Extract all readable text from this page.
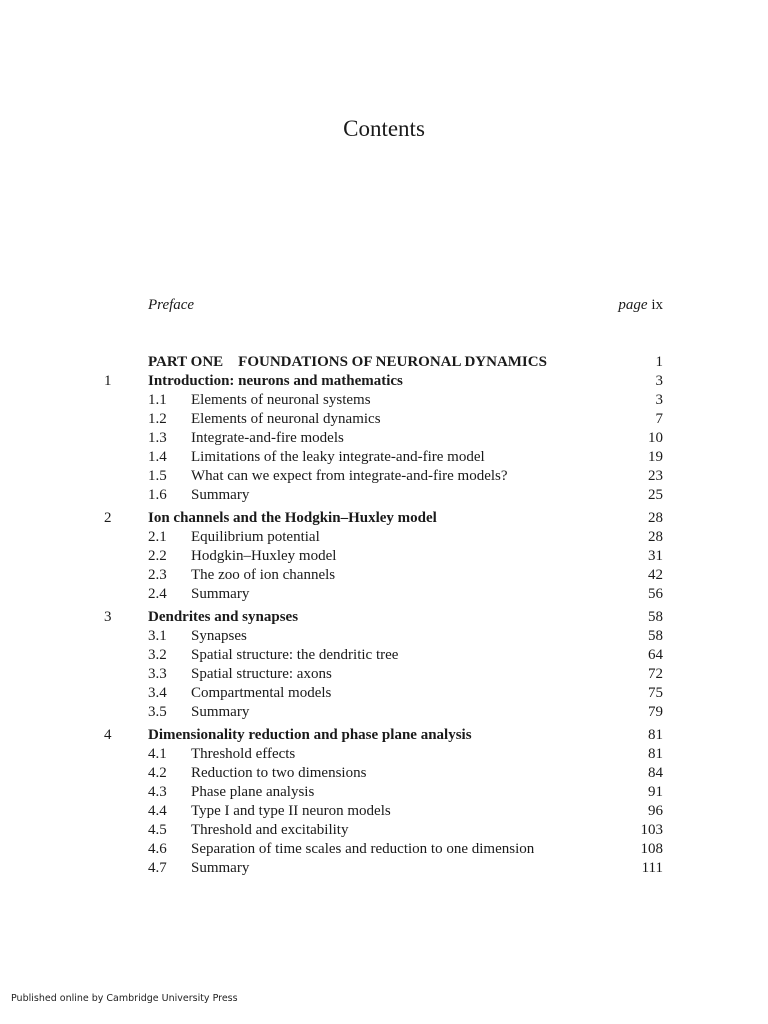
Contents
Preface	page ix
PART ONE    FOUNDATIONS OF NEURONAL DYNAMICS	1
1 Introduction: neurons and mathematics	3
1.1 Elements of neuronal systems	3
1.2 Elements of neuronal dynamics	7
1.3 Integrate-and-fire models	10
1.4 Limitations of the leaky integrate-and-fire model	19
1.5 What can we expect from integrate-and-fire models?	23
1.6 Summary	25
2 Ion channels and the Hodgkin–Huxley model	28
2.1 Equilibrium potential	28
2.2 Hodgkin–Huxley model	31
2.3 The zoo of ion channels	42
2.4 Summary	56
3 Dendrites and synapses	58
3.1 Synapses	58
3.2 Spatial structure: the dendritic tree	64
3.3 Spatial structure: axons	72
3.4 Compartmental models	75
3.5 Summary	79
4 Dimensionality reduction and phase plane analysis	81
4.1 Threshold effects	81
4.2 Reduction to two dimensions	84
4.3 Phase plane analysis	91
4.4 Type I and type II neuron models	96
4.5 Threshold and excitability	103
4.6 Separation of time scales and reduction to one dimension	108
4.7 Summary	111
Published online by Cambridge University Press
